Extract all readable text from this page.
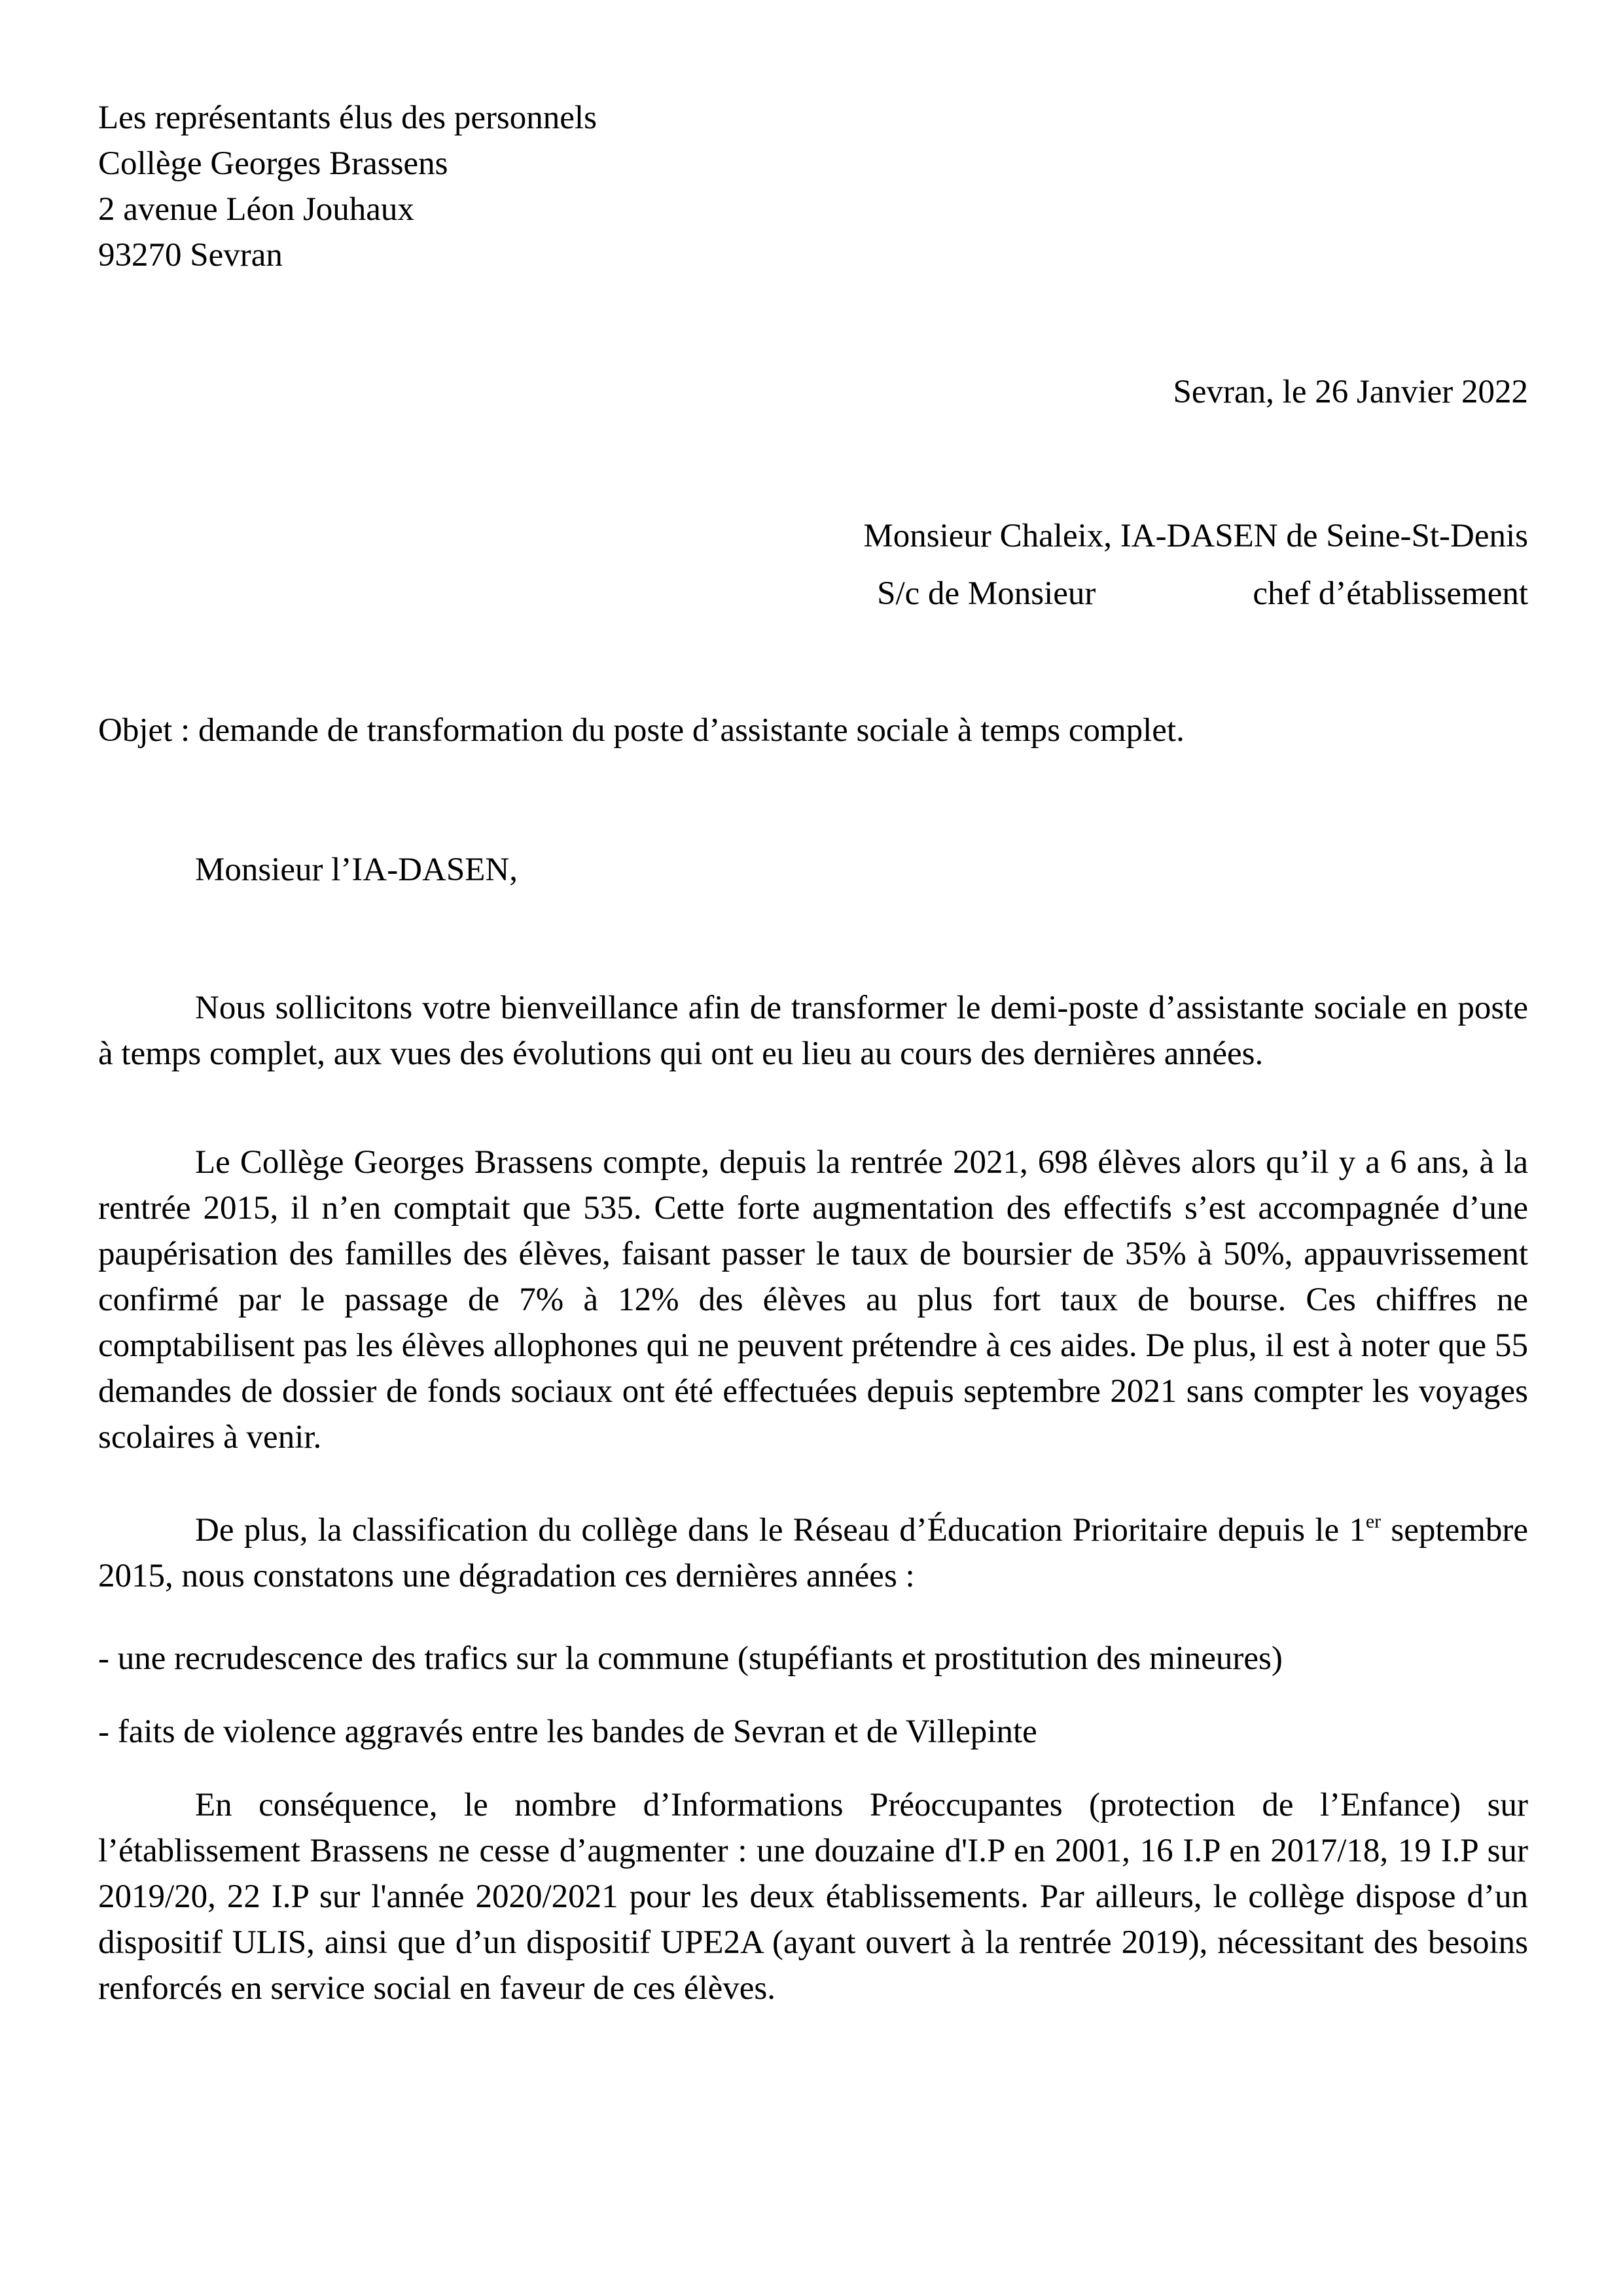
Les représentants élus des personnels
Collège Georges Brassens
2 avenue Léon Jouhaux
93270 Sevran
Sevran, le 26 Janvier 2022
Monsieur Chaleix, IA-DASEN de Seine-St-Denis
S/c de Monsieur	chef d’établissement
Objet : demande de transformation du poste d’assistante sociale à temps complet.
Monsieur l’IA-DASEN,

Nous sollicitons votre bienveillance afin de transformer le demi-poste d’assistante sociale en poste à temps complet, aux vues des évolutions qui ont eu lieu au cours des dernières années.

Le Collège Georges Brassens compte, depuis la rentrée 2021, 698 élèves alors qu’il y a 6 ans, à la rentrée 2015, il n’en comptait que 535. Cette forte augmentation des effectifs s’est accompagnée d’une paupérisation des familles des élèves, faisant passer le taux de boursier de 35% à 50%, appauvrissement confirmé par le passage de 7% à 12% des élèves au plus fort taux de bourse. Ces chiffres ne comptabilisent pas les élèves allophones qui ne peuvent prétendre à ces aides. De plus, il est à noter que 55 demandes de dossier de fonds sociaux ont été effectuées depuis septembre 2021 sans compter les voyages scolaires à venir.

De plus, la classification du collège dans le Réseau d’Éducation Prioritaire depuis le 1er septembre 2015, nous constatons une dégradation ces dernières années :

- une recrudescence des trafics sur la commune (stupéfiants et prostitution des mineures)

- faits de violence aggravés entre les bandes de Sevran et de Villepinte

En conséquence, le nombre d’Informations Préoccupantes (protection de l’Enfance) sur l’établissement Brassens ne cesse d’augmenter : une douzaine d'I.P en 2001, 16 I.P en 2017/18, 19 I.P sur 2019/20, 22 I.P sur l'année 2020/2021 pour les deux établissements. Par ailleurs, le collège dispose d’un dispositif ULIS, ainsi que d’un dispositif UPE2A (ayant ouvert à la rentrée 2019), nécessitant des besoins renforcés en service social en faveur de ces élèves.
